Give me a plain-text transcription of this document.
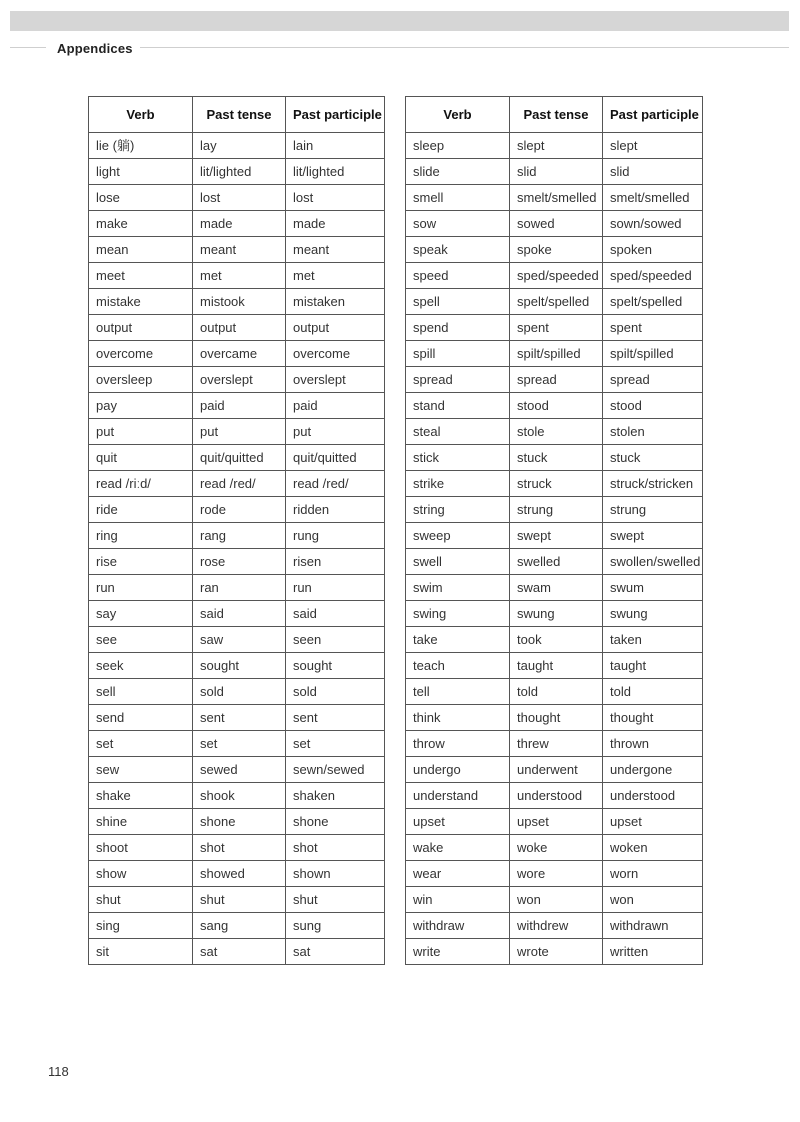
Appendices
Verb	Past tense	Past participle
lie (躺)	lay	lain
light	lit/lighted	lit/lighted
lose	lost	lost
make	made	made
mean	meant	meant
meet	met	met
mistake	mistook	mistaken
output	output	output
overcome	overcame	overcome
oversleep	overslept	overslept
pay	paid	paid
put	put	put
quit	quit/quitted	quit/quitted
read /riːd/	read /red/	read /red/
ride	rode	ridden
ring	rang	rung
rise	rose	risen
run	ran	run
say	said	said
see	saw	seen
seek	sought	sought
sell	sold	sold
send	sent	sent
set	set	set
sew	sewed	sewn/sewed
shake	shook	shaken
shine	shone	shone
shoot	shot	shot
show	showed	shown
shut	shut	shut
sing	sang	sung
sit	sat	sat
Verb	Past tense	Past participle
sleep	slept	slept
slide	slid	slid
smell	smelt/smelled	smelt/smelled
sow	sowed	sown/sowed
speak	spoke	spoken
speed	sped/speeded	sped/speeded
spell	spelt/spelled	spelt/spelled
spend	spent	spent
spill	spilt/spilled	spilt/spilled
spread	spread	spread
stand	stood	stood
steal	stole	stolen
stick	stuck	stuck
strike	struck	struck/stricken
string	strung	strung
sweep	swept	swept
swell	swelled	swollen/swelled
swim	swam	swum
swing	swung	swung
take	took	taken
teach	taught	taught
tell	told	told
think	thought	thought
throw	threw	thrown
undergo	underwent	undergone
understand	understood	understood
upset	upset	upset
wake	woke	woken
wear	wore	worn
win	won	won
withdraw	withdrew	withdrawn
write	wrote	written
118
